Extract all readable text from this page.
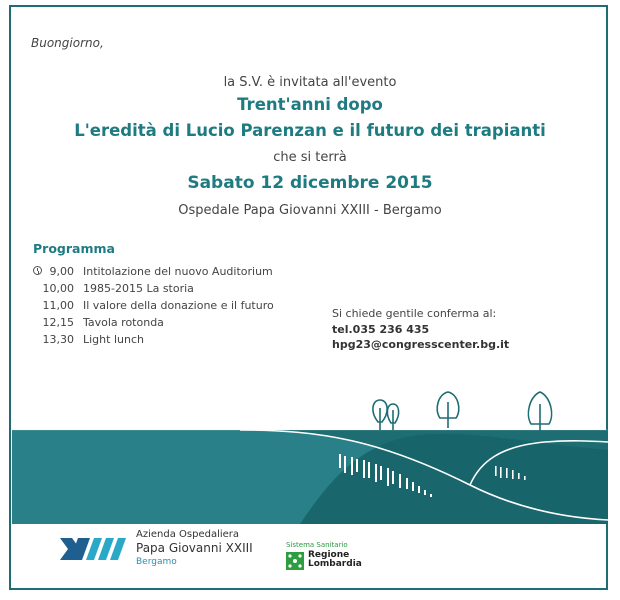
Buongiorno,
la S.V. è invitata all'evento
Trent'anni dopo
L'eredità di Lucio Parenzan e il futuro dei trapianti
che si terrà
Sabato 12 dicembre 2015
Ospedale Papa Giovanni XXIII - Bergamo
Programma
9,00 Intitolazione del nuovo Auditorium
10,00 1985-2015 La storia
11,00 Il valore della donazione e il futuro
12,15 Tavola rotonda
13,30 Light lunch
Si chiede gentile conferma al:
tel.035 236 435
hpg23@congresscenter.bg.it
Azienda Ospedaliera
Papa Giovanni XXIII
Bergamo
Sistema Sanitario
Regione
Lombardia
